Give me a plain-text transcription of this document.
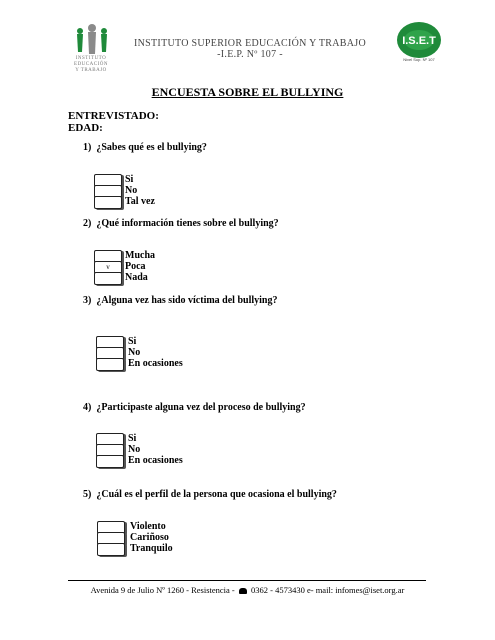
INSTITUTO
EDUCACIÓN
Y TRABAJO
INSTITUTO SUPERIOR EDUCACIÓN Y TRABAJO
-I.E.P. Nº 107 -
I.S.E.T
Nivel Sup. Nº 107
ENCUESTA SOBRE EL BULLYING
ENTREVISTADO:
EDAD:
1) ¿Sabes qué es el bullying?
Si
No
Tal vez
2) ¿Qué información tienes sobre el bullying?
v
Mucha
Poca
Nada
3) ¿Alguna vez has sido víctima del bullying?
Si
No
En ocasiones
4) ¿Participaste alguna vez del proceso de bullying?
Si
No
En ocasiones
5) ¿Cuál es el perfil de la persona que ocasiona el bullying?
Violento
Cariñoso
Tranquilo
Avenida 9 de Julio Nº 1260 - Resistencia - 0362 - 4573430 e- mail: infomes@iset.org.ar
